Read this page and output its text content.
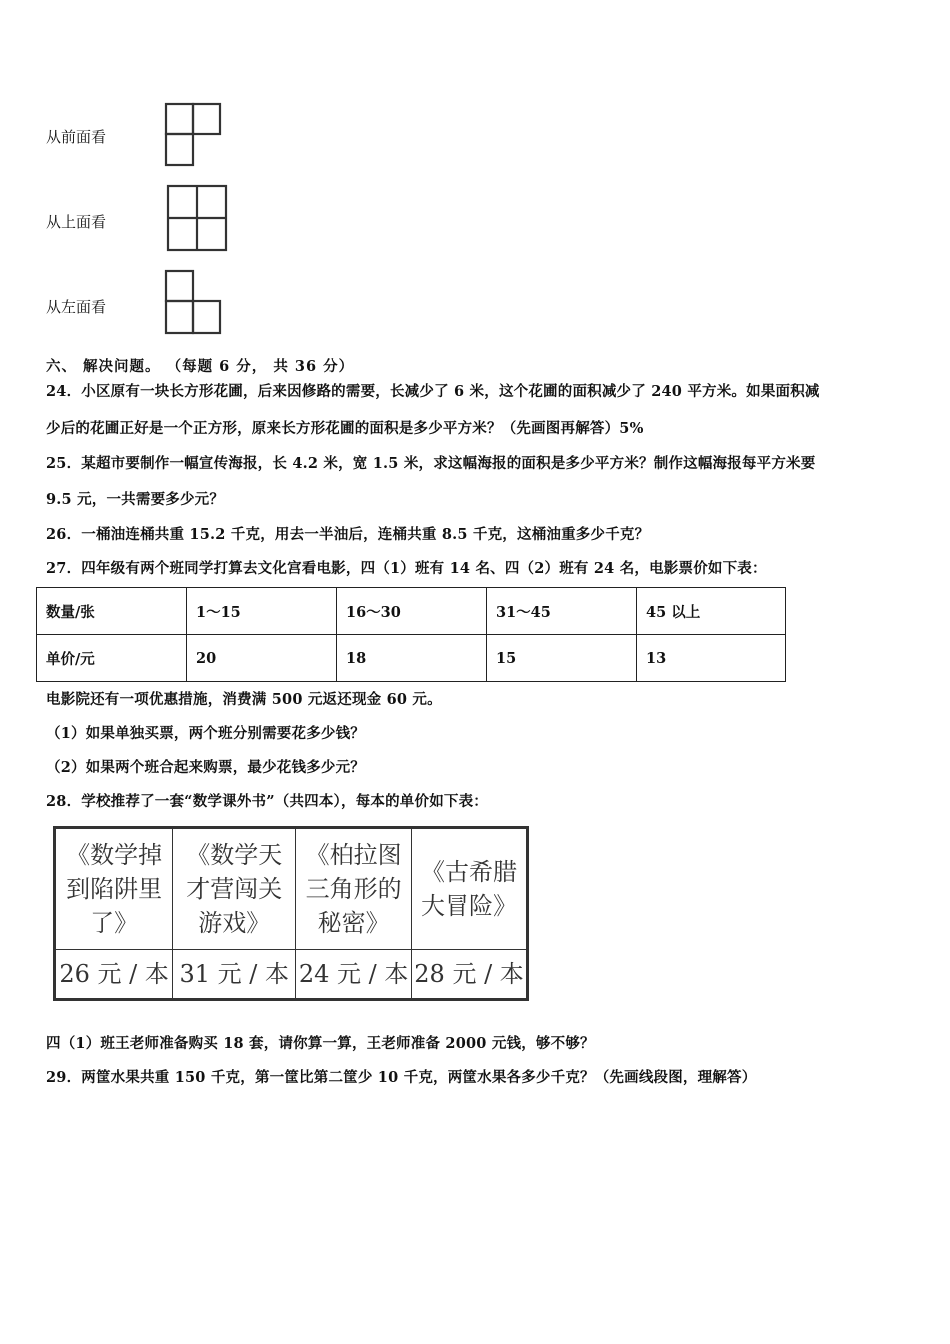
从前面看
从上面看
从左面看
六、 解决问题。 （每题 6 分， 共 36 分）
24．小区原有一块长方形花圃，后来因修路的需要，长减少了 6 米，这个花圃的面积减少了 240 平方米。如果面积减
少后的花圃正好是一个正方形，原来长方形花圃的面积是多少平方米？（先画图再解答）5%
25．某超市要制作一幅宣传海报，长 4.2 米，宽 1.5 米，求这幅海报的面积是多少平方米？制作这幅海报每平方米要
9.5 元，一共需要多少元？
26．一桶油连桶共重 15.2 千克，用去一半油后，连桶共重 8.5 千克，这桶油重多少千克？
27．四年级有两个班同学打算去文化宫看电影，四（1）班有 14 名、四（2）班有 24 名，电影票价如下表：
数量/张	1～15	16～30	31～45	45 以上
单价/元	20	18	15	13
电影院还有一项优惠措施，消费满 500 元返还现金 60 元。
（1）如果单独买票，两个班分别需要花多少钱？
（2）如果两个班合起来购票，最少花钱多少元？
28．学校推荐了一套“数学课外书”（共四本），每本的单价如下表：
《数学掉到陷阱里了》	《数学天才营闯关游戏》	《柏拉图三角形的秘密》	《古希腊大冒险》
26 元 / 本	31 元 / 本	24 元 / 本	28 元 / 本
四（1）班王老师准备购买 18 套，请你算一算，王老师准备 2000 元钱，够不够？
29．两筐水果共重 150 千克，第一筐比第二筐少 10 千克，两筐水果各多少千克？（先画线段图，理解答）
